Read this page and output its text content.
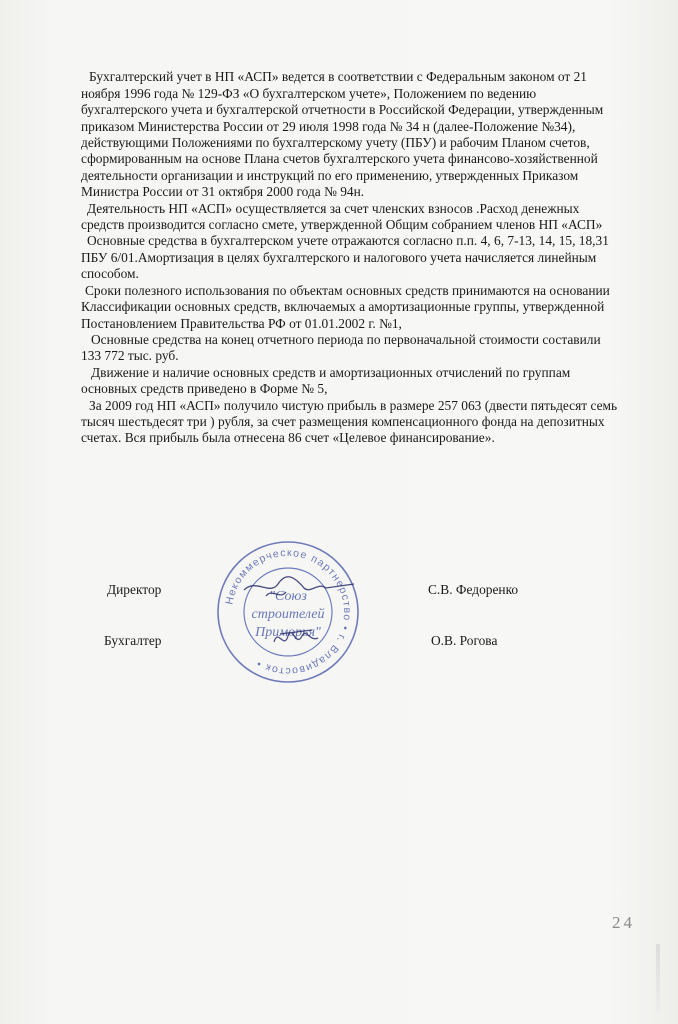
Бухгалтерский учет в НП «АСП» ведется в соответствии с Федеральным законом от 21 ноября 1996 года № 129-ФЗ «О бухгалтерском учете», Положением по ведению бухгалтерского учета и бухгалтерской отчетности в Российской Федерации, утвержденным приказом Министерства России от 29 июля 1998 года № 34 н (далее-Положение №34), действующими Положениями по бухгалтерскому учету (ПБУ) и рабочим Планом счетов, сформированным на основе Плана счетов бухгалтерского учета финансово-хозяйственной деятельности организации и инструкций по его применению, утвержденных Приказом Министра России от 31 октября 2000 года № 94н.

Деятельность НП «АСП» осуществляется за счет членских взносов .Расход денежных средств производится согласно смете, утвержденной Общим собранием членов НП «АСП»

Основные средства в бухгалтерском учете отражаются согласно п.п. 4, 6, 7-13, 14, 15, 18,31 ПБУ 6/01.Амортизация в целях бухгалтерского и налогового учета начисляется линейным способом.

Сроки полезного использования по объектам основных средств принимаются на основании Классификации основных средств, включаемых а амортизационные группы, утвержденной Постановлением Правительства РФ от 01.01.2002 г. №1,

Основные средства на конец отчетного периода по первоначальной стоимости составили 133 772 тыс. руб.

Движение и наличие основных средств и амортизационных отчислений по группам основных средств приведено в Форме № 5,

За 2009 год НП «АСП» получило чистую прибыль в размере 257 063 (двести пятьдесят семь тысяч шестьдесят три ) рубля, за счет размещения компенсационного фонда на депозитных счетах. Вся прибыль была отнесена 86 счет «Целевое финансирование».

Директор	С.В. Федоренко
Бухгалтер	О.В. Рогова
Некоммерческое партнерство • г. Владивосток •
"Союз
строителей
Приморья"
24
